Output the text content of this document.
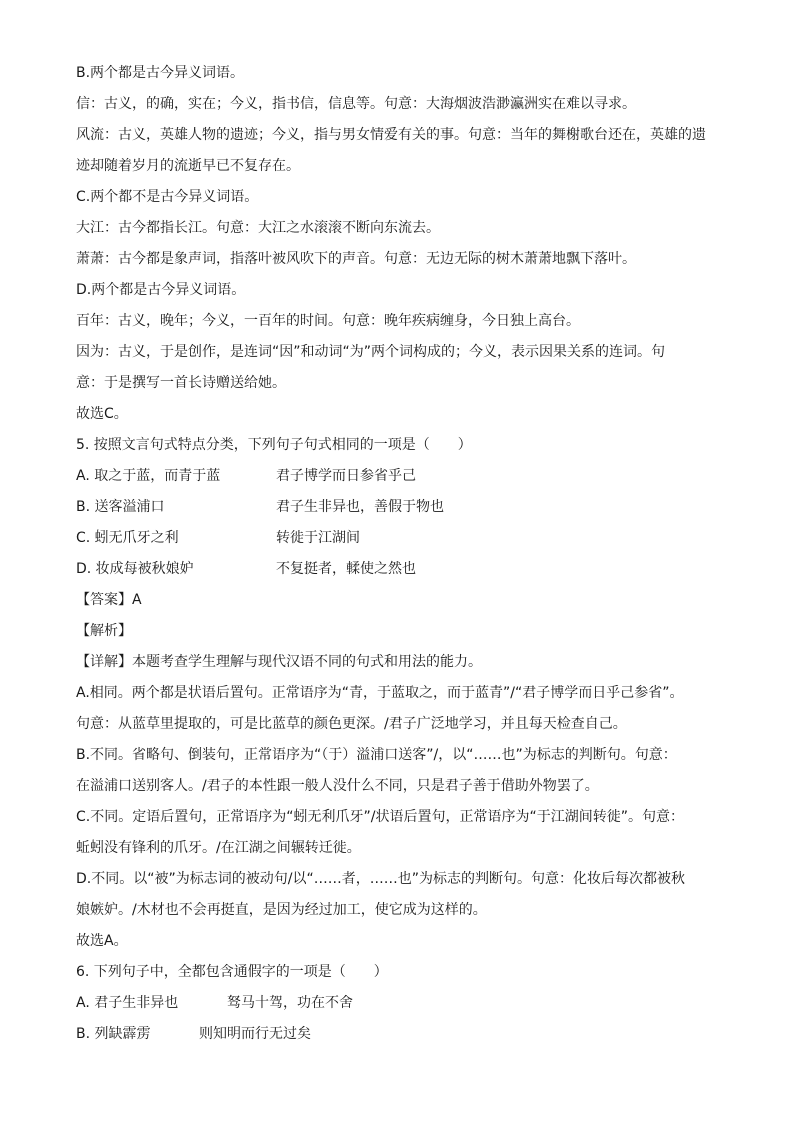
B.两个都是古今异义词语。
信：古义，的确，实在；今义，指书信，信息等。句意：大海烟波浩渺瀛洲实在难以寻求。
风流：古义，英雄人物的遗迹；今义，指与男女情爱有关的事。句意：当年的舞榭歌台还在，英雄的遗
迹却随着岁月的流逝早已不复存在。
C.两个都不是古今异义词语。
大江：古今都指长江。句意：大江之水滚滚不断向东流去。
萧萧：古今都是象声词，指落叶被风吹下的声音。句意：无边无际的树木萧萧地飘下落叶。
D.两个都是古今异义词语。
百年：古义，晚年；今义，一百年的时间。句意：晚年疾病缠身，今日独上高台。
因为：古义，于是创作，是连词“因”和动词“为”两个词构成的；今义，表示因果关系的连词。句
意：于是撰写一首长诗赠送给她。
故选C。
5. 按照文言句式特点分类，下列句子句式相同的一项是（　　）
A. 取之于蓝，而青于蓝	君子博学而日参省乎己
B. 送客溢浦口	君子生非异也，善假于物也
C. 蚓无爪牙之利	转徙于江湖间
D. 妆成每被秋娘妒	不复挺者，輮使之然也
【答案】A
【解析】
【详解】本题考查学生理解与现代汉语不同的句式和用法的能力。
A.相同。两个都是状语后置句。正常语序为“青，于蓝取之，而于蓝青”/“君子博学而日乎己参省”。
句意：从蓝草里提取的，可是比蓝草的颜色更深。/君子广泛地学习，并且每天检查自己。
B.不同。省略句、倒装句，正常语序为“（于）溢浦口送客”/，以“……也”为标志的判断句。句意：
在溢浦口送别客人。/君子的本性跟一般人没什么不同，只是君子善于借助外物罢了。
C.不同。定语后置句，正常语序为“蚓无利爪牙”/状语后置句，正常语序为“于江湖间转徙”。句意：
蚯蚓没有锋利的爪牙。/在江湖之间辗转迁徙。
D.不同。以“被”为标志词的被动句/以“……者，……也”为标志的判断句。句意：化妆后每次都被秋
娘嫉妒。/木材也不会再挺直，是因为经过加工，使它成为这样的。
故选A。
6. 下列句子中，全都包含通假字的一项是（　　）
A. 君子生非异也	驽马十驾，功在不舍
B. 列缺霹雳	则知明而行无过矣
